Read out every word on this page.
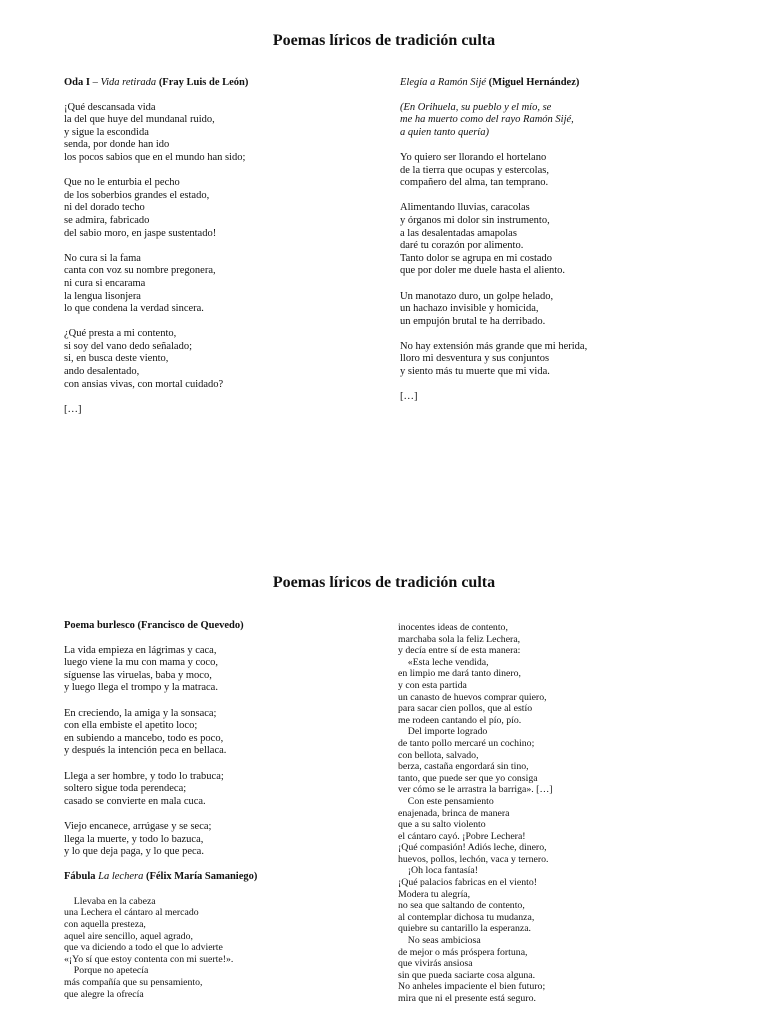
Poemas líricos de tradición culta
Oda I – Vida retirada (Fray Luis de León)
¡Qué descansada vida
la del que huye del mundanal ruido,
y sigue la escondida
senda, por donde han ido
los pocos sabios que en el mundo han sido;
Que no le enturbia el pecho
de los soberbios grandes el estado,
ni del dorado techo
se admira, fabricado
del sabio moro, en jaspe sustentado!
No cura si la fama
canta con voz su nombre pregonera,
ni cura si encarama
la lengua lisonjera
lo que condena la verdad sincera.
¿Qué presta a mi contento,
si soy del vano dedo señalado;
si, en busca deste viento,
ando desalentado,
con ansias vivas, con mortal cuidado?
[…]
Elegía a Ramón Sijé (Miguel Hernández)
(En Orihuela, su pueblo y el mío, se
me ha muerto como del rayo Ramón Sijé,
a quien tanto quería)
Yo quiero ser llorando el hortelano
de la tierra que ocupas y estercolas,
compañero del alma, tan temprano.
Alimentando lluvias, caracolas
y órganos mi dolor sin instrumento,
a las desalentadas amapolas
daré tu corazón por alimento.
Tanto dolor se agrupa en mi costado
que por doler me duele hasta el aliento.
Un manotazo duro, un golpe helado,
un hachazo invisible y homicida,
un empujón brutal te ha derribado.
No hay extensión más grande que mi herida,
lloro mi desventura y sus conjuntos
y siento más tu muerte que mi vida.
[…]
Poemas líricos de tradición culta
Poema burlesco (Francisco de Quevedo)
La vida empieza en lágrimas y caca,
luego viene la mu con mama y coco,
síguense las viruelas, baba y moco,
y luego llega el trompo y la matraca.
En creciendo, la amiga y la sonsaca;
con ella embiste el apetito loco;
en subiendo a mancebo, todo es poco,
y después la intención peca en bellaca.
Llega a ser hombre, y todo lo trabuca;
soltero sigue toda perendeca;
casado se convierte en mala cuca.
Viejo encanece, arrúgase y se seca;
llega la muerte, y todo lo bazuca,
y lo que deja paga, y lo que peca.
Fábula La lechera (Félix María Samaniego)
Llevaba en la cabeza
una Lechera el cántaro al mercado
con aquella presteza,
aquel aire sencillo, aquel agrado,
que va diciendo a todo el que lo advierte
«¡Yo sí que estoy contenta con mi suerte!».
Porque no apetecía
más compañía que su pensamiento,
que alegre la ofrecía
inocentes ideas de contento,
marchaba sola la feliz Lechera,
y decía entre sí de esta manera:
«Esta leche vendida,
en limpio me dará tanto dinero,
y con esta partida
un canasto de huevos comprar quiero,
para sacar cien pollos, que al estío
me rodeen cantando el pío, pío.
Del importe logrado
de tanto pollo mercaré un cochino;
con bellota, salvado,
berza, castaña engordará sin tino,
tanto, que puede ser que yo consiga
ver cómo se le arrastra la barriga». […]
Con este pensamiento
enajenada, brinca de manera
que a su salto violento
el cántaro cayó. ¡Pobre Lechera!
¡Qué compasión! Adiós leche, dinero,
huevos, pollos, lechón, vaca y ternero.
¡Oh loca fantasía!
¡Qué palacios fabricas en el viento!
Modera tu alegría,
no sea que saltando de contento,
al contemplar dichosa tu mudanza,
quiebre su cantarillo la esperanza.
No seas ambiciosa
de mejor o más próspera fortuna,
que vivirás ansiosa
sin que pueda saciarte cosa alguna.
No anheles impaciente el bien futuro;
mira que ni el presente está seguro.
